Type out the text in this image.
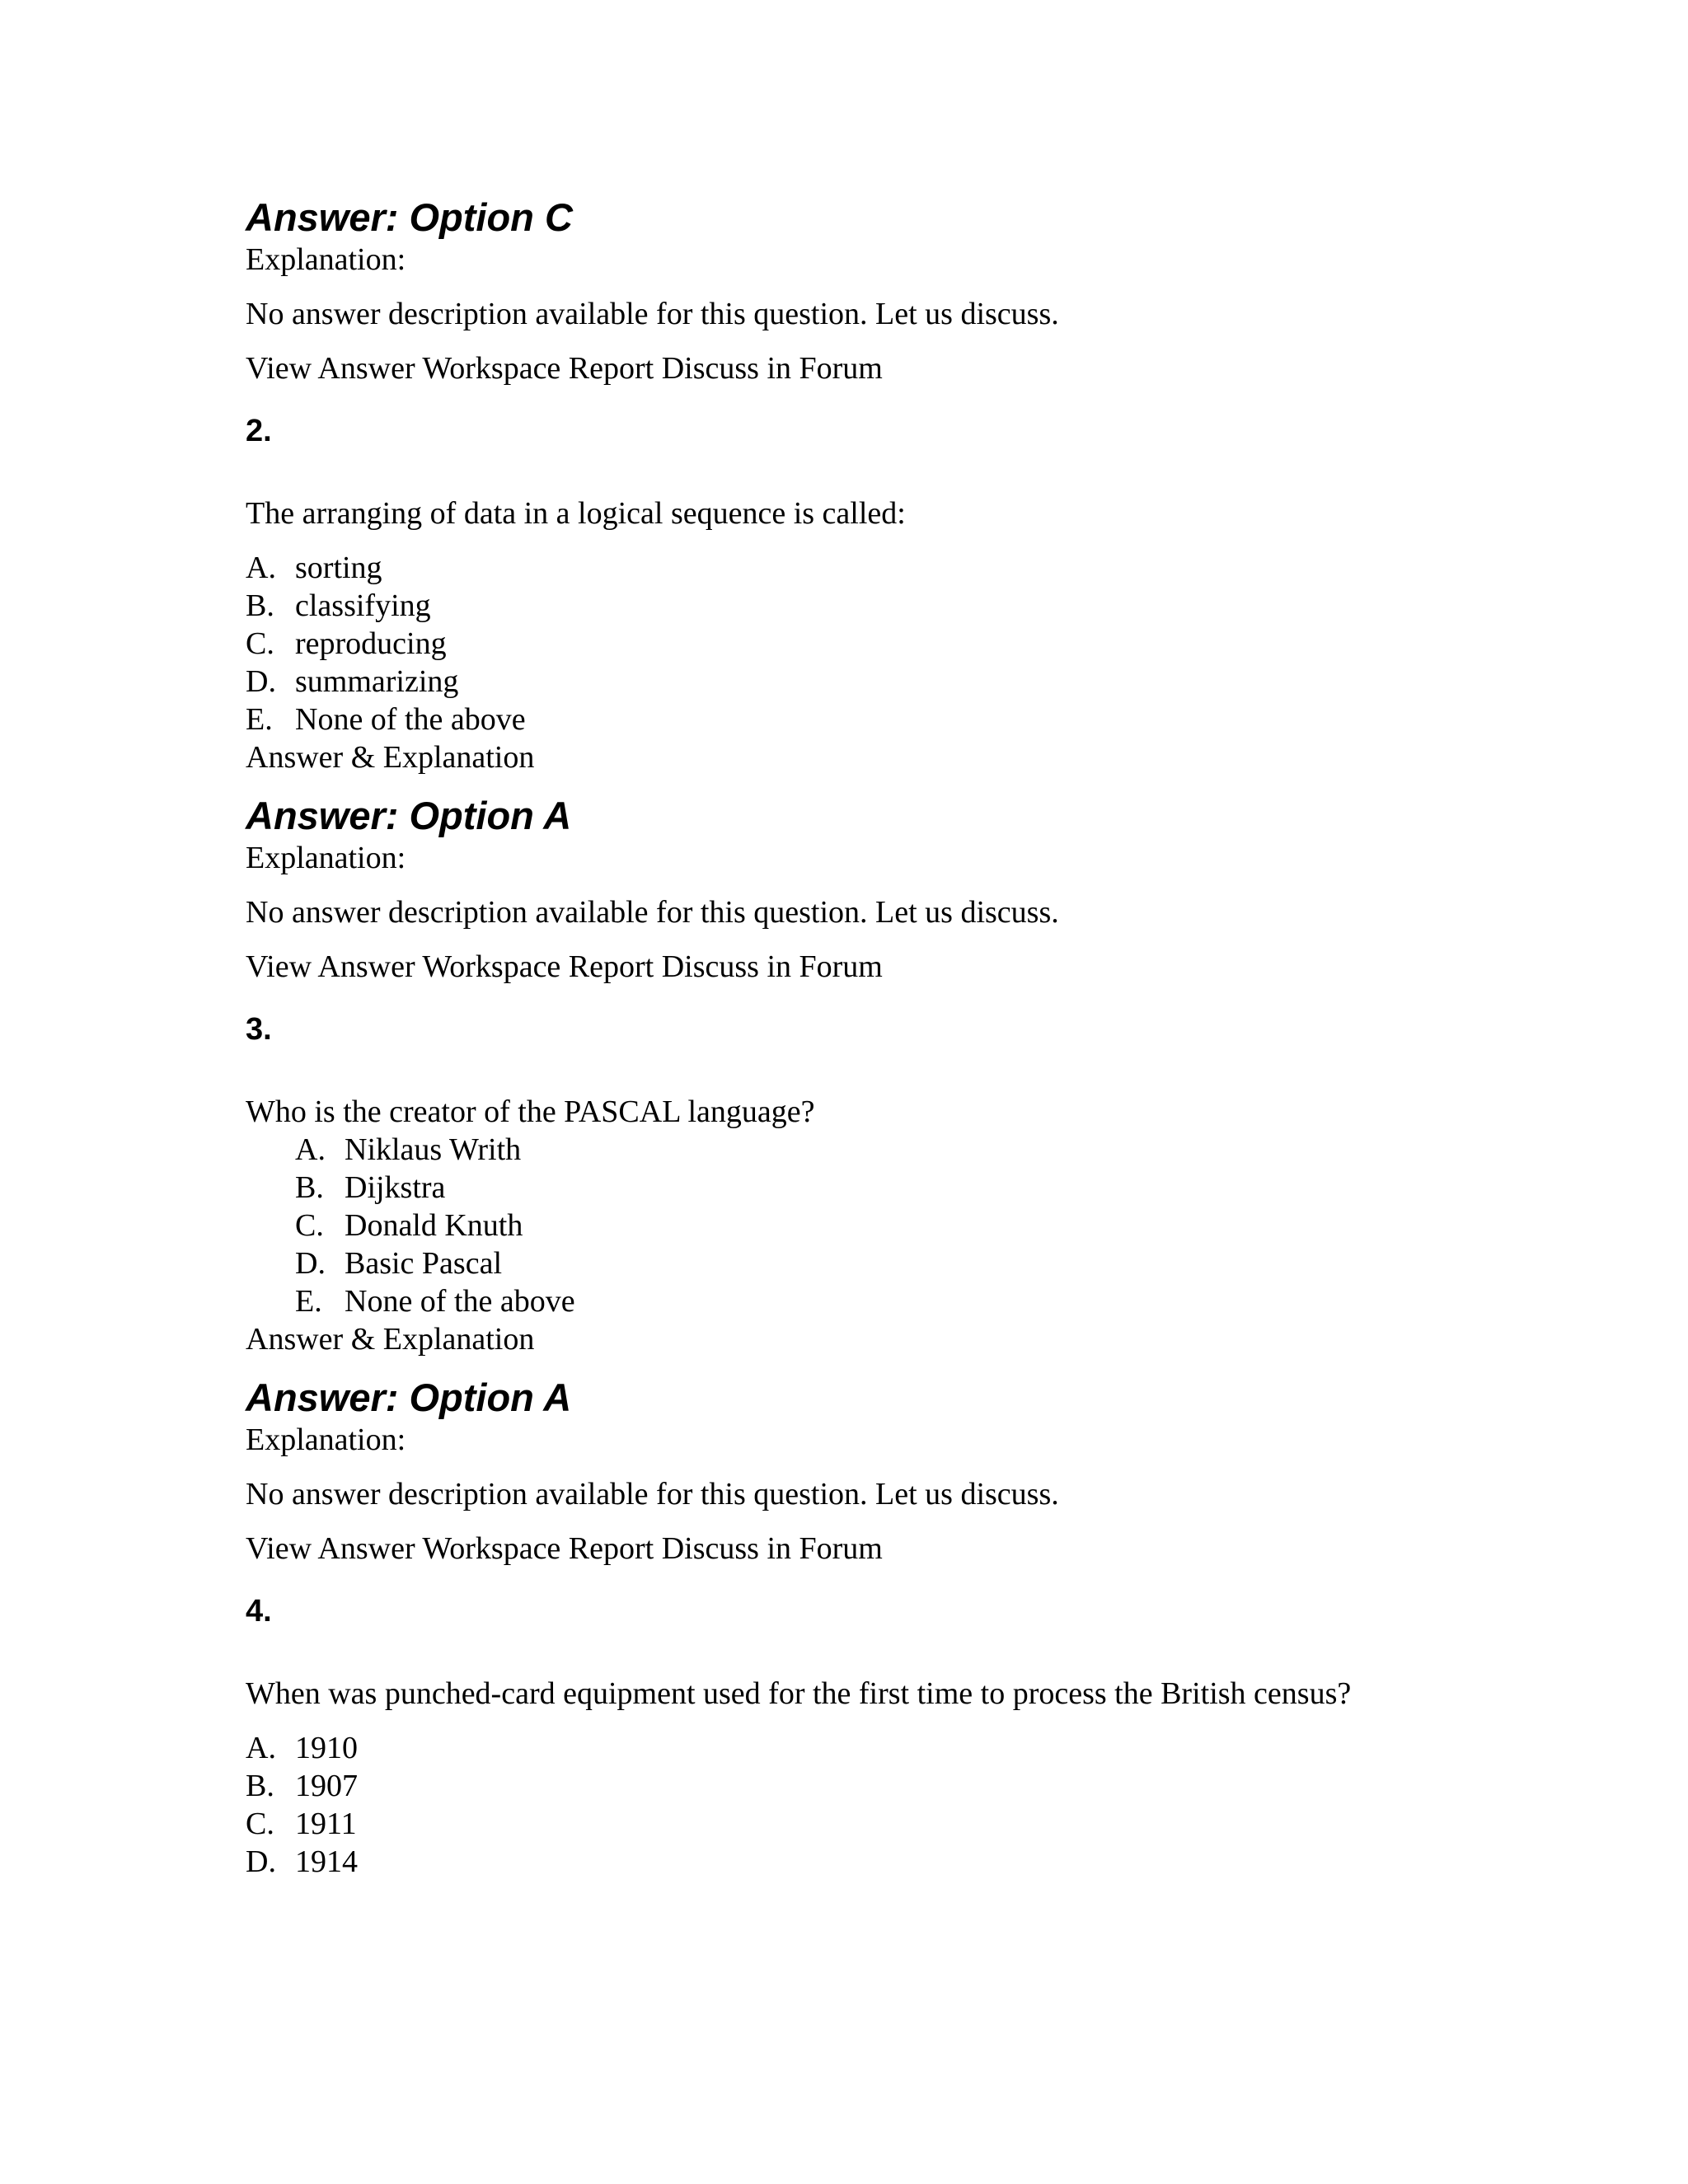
Answer: Option C

Explanation:

No answer description available for this question. Let us discuss.

View Answer Workspace Report Discuss in Forum

2.

The arranging of data in a logical sequence is called:

A. sorting

B. classifying

C. reproducing

D. summarizing

E. None of the above

Answer & Explanation

Answer: Option A

Explanation:

No answer description available for this question. Let us discuss.

View Answer Workspace Report Discuss in Forum

3.

Who is the creator of the PASCAL language?

A. Niklaus Writh

B. Dijkstra

C. Donald Knuth

D. Basic Pascal

E. None of the above

Answer & Explanation

Answer: Option A

Explanation:

No answer description available for this question. Let us discuss.

View Answer Workspace Report Discuss in Forum

4.

When was punched-card equipment used for the first time to process the British census?

A. 1910

B. 1907

C. 1911

D. 1914
